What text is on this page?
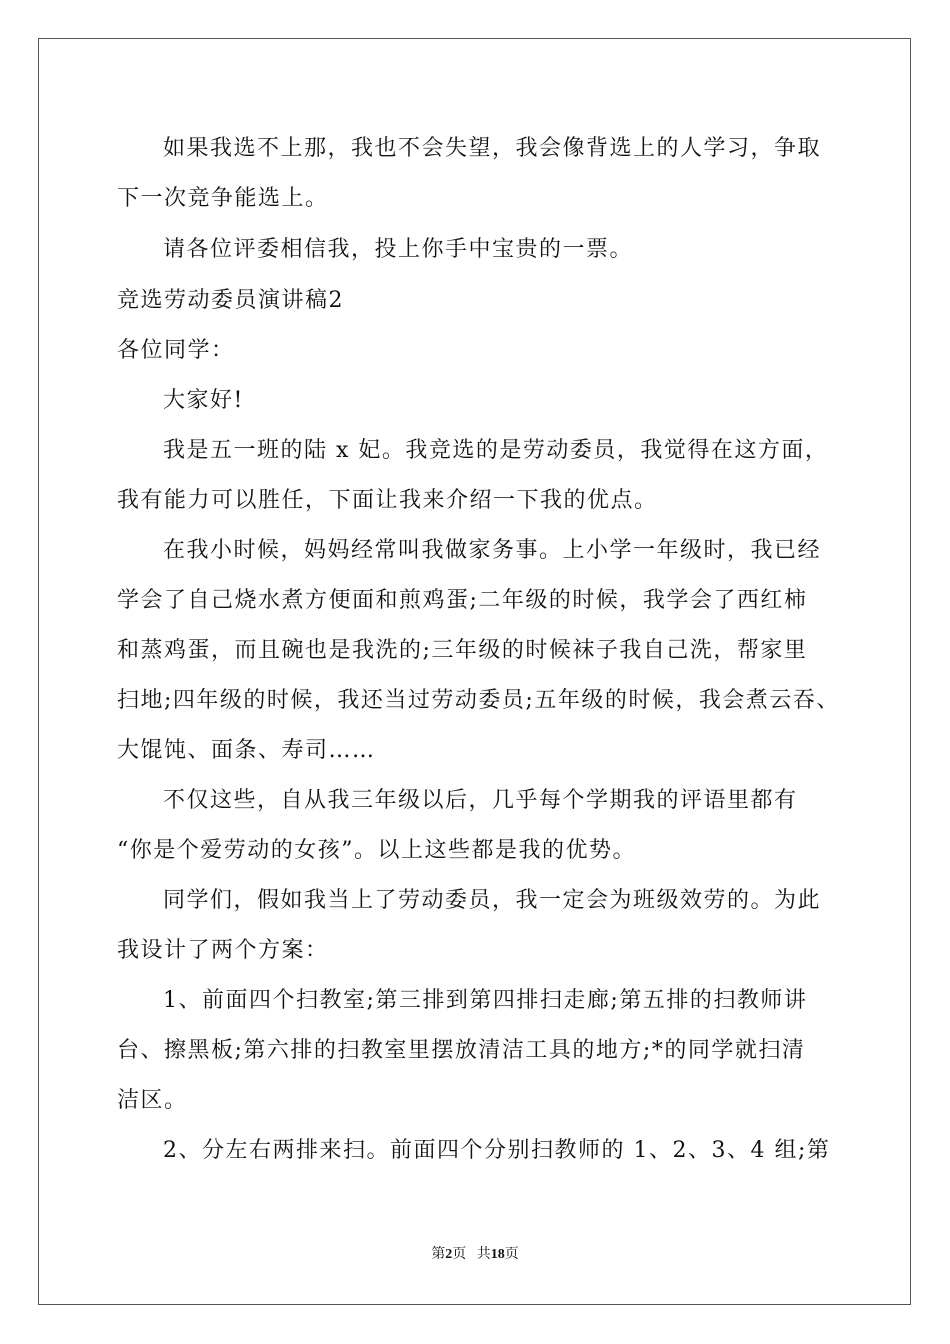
如果我选不上那，我也不会失望，我会像背选上的人学习，争取
下一次竞争能选上。
请各位评委相信我，投上你手中宝贵的一票。
竞选劳动委员演讲稿2
各位同学：
大家好!
我是五一班的陆 x 妃。我竞选的是劳动委员，我觉得在这方面，
我有能力可以胜任，下面让我来介绍一下我的优点。
在我小时候，妈妈经常叫我做家务事。上小学一年级时，我已经
学会了自己烧水煮方便面和煎鸡蛋;二年级的时候，我学会了西红柿
和蒸鸡蛋，而且碗也是我洗的;三年级的时候袜子我自己洗，帮家里
扫地;四年级的时候，我还当过劳动委员;五年级的时候，我会煮云吞、
大馄饨、面条、寿司……
不仅这些，自从我三年级以后，几乎每个学期我的评语里都有
“你是个爱劳动的女孩”。以上这些都是我的优势。
同学们，假如我当上了劳动委员，我一定会为班级效劳的。为此
我设计了两个方案：
1、前面四个扫教室;第三排到第四排扫走廊;第五排的扫教师讲
台、擦黑板;第六排的扫教室里摆放清洁工具的地方;*的同学就扫清
洁区。
2、分左右两排来扫。前面四个分别扫教师的 1、2、3、4 组;第
第2页 共18页
